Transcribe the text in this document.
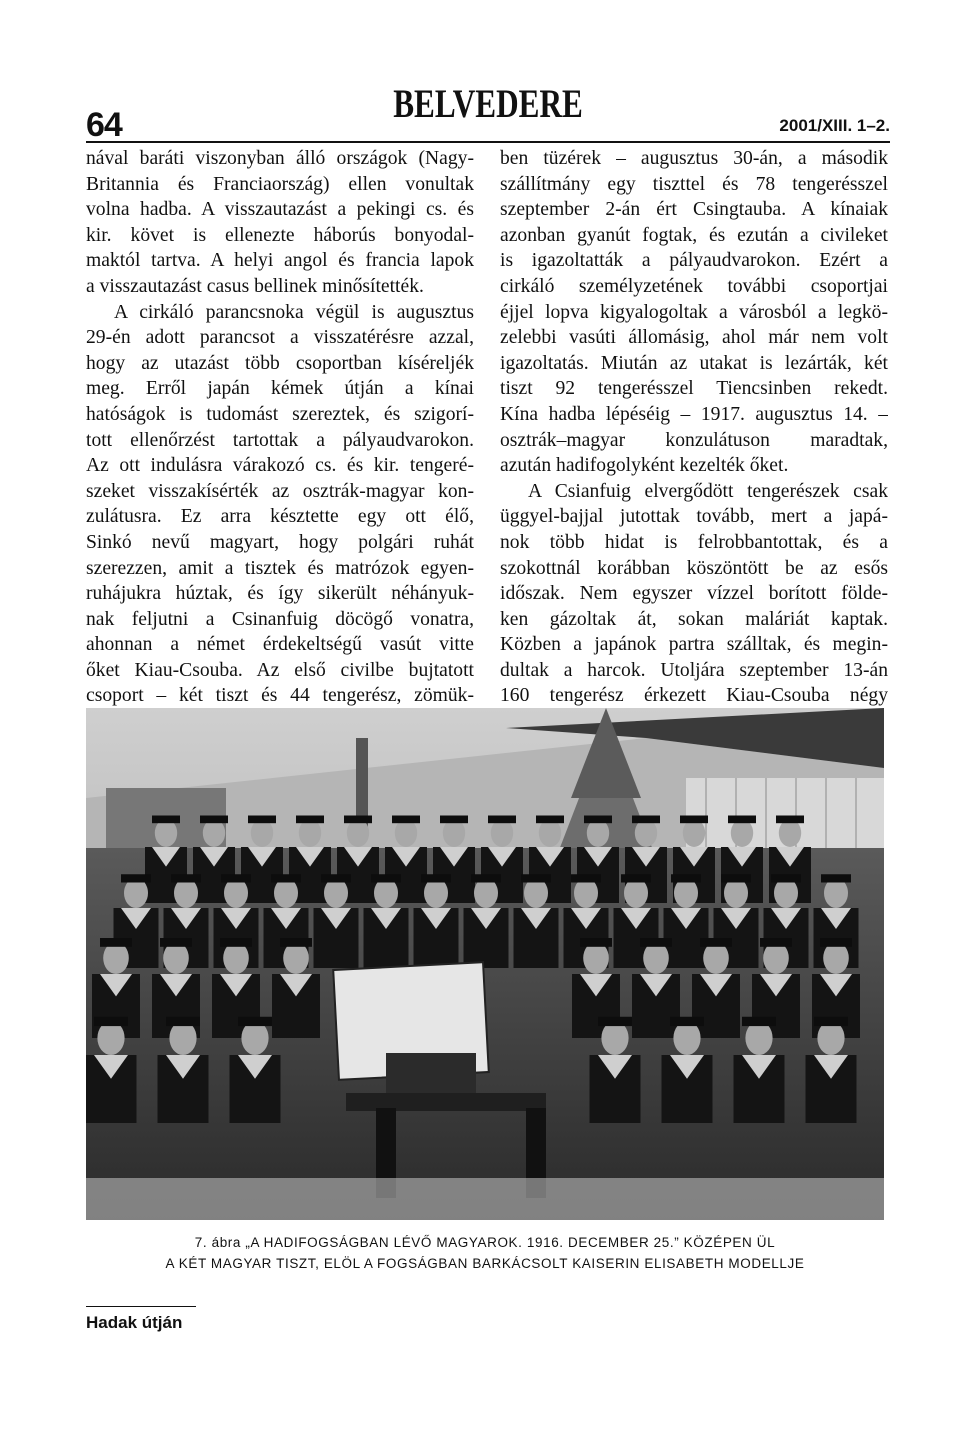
64	BELVEDERE	2001/XIII. 1–2.
nával baráti viszonyban álló országok (Nagy-
Britannia és Franciaország) ellen vonultak
volna hadba. A visszautazást a pekingi cs. és
kir. követ is ellenezte háborús bonyodal-
maktól tartva. A helyi angol és francia lapok
a visszautazást casus bellinek minősítették.
A cirkáló parancsnoka végül is augusztus
29-én adott parancsot a visszatérésre azzal,
hogy az utazást több csoportban kíséreljék
meg. Erről japán kémek útján a kínai
hatóságok is tudomást szereztek, és szigorí-
tott ellenőrzést tartottak a pályaudvarokon.
Az ott indulásra várakozó cs. és kir. tengeré-
szeket visszakísérték az osztrák-magyar kon-
zulátusra. Ez arra késztette egy ott élő,
Sinkó nevű magyart, hogy polgári ruhát
szerezzen, amit a tisztek és matrózok egyen-
ruhájukra húztak, és így sikerült néhányuk-
nak feljutni a Csinanfuig döcögő vonatra,
ahonnan a német érdekeltségű vasút vitte
őket Kiau-Csouba. Az első civilbe bujtatott
csoport – két tiszt és 44 tengerész, zömük-
ben tüzérek – augusztus 30-án, a második
szállítmány egy tiszttel és 78 tengerésszel
szeptember 2-án ért Csingtauba. A kínaiak
azonban gyanút fogtak, és ezután a civileket
is igazoltatták a pályaudvarokon. Ezért a
cirkáló személyzetének további csoportjai
éjjel lopva kigyalogoltak a városból a legkö-
zelebbi vasúti állomásig, ahol már nem volt
igazoltatás. Miután az utakat is lezárták, két
tiszt 92 tengerésszel Tiencsinben rekedt.
Kína hadba lépéséig – 1917. augusztus 14. –
osztrák–magyar konzulátuson maradtak,
azután hadifogolyként kezelték őket.
A Csianfuig elvergődött tengerészek csak
üggyel-bajjal jutottak tovább, mert a japá-
nok több hidat is felrobbantottak, és a
szokottnál korábban köszöntött be az esős
időszak. Nem egyszer vízzel borított földe-
ken gázoltak át, sokan maláriát kaptak.
Közben a japánok partra szálltak, és megin-
dultak a harcok. Utoljára szeptember 13-án
160 tengerész érkezett Kiau-Csouba négy
7. ábra „A HADIFOGSÁGBAN LÉVŐ MAGYAROK. 1916. DECEMBER 25.” KÖZÉPEN ÜL
A KÉT MAGYAR TISZT, ELÖL A FOGSÁGBAN BARKÁCSOLT KAISERIN ELISABETH MODELLJE
Hadak útján
